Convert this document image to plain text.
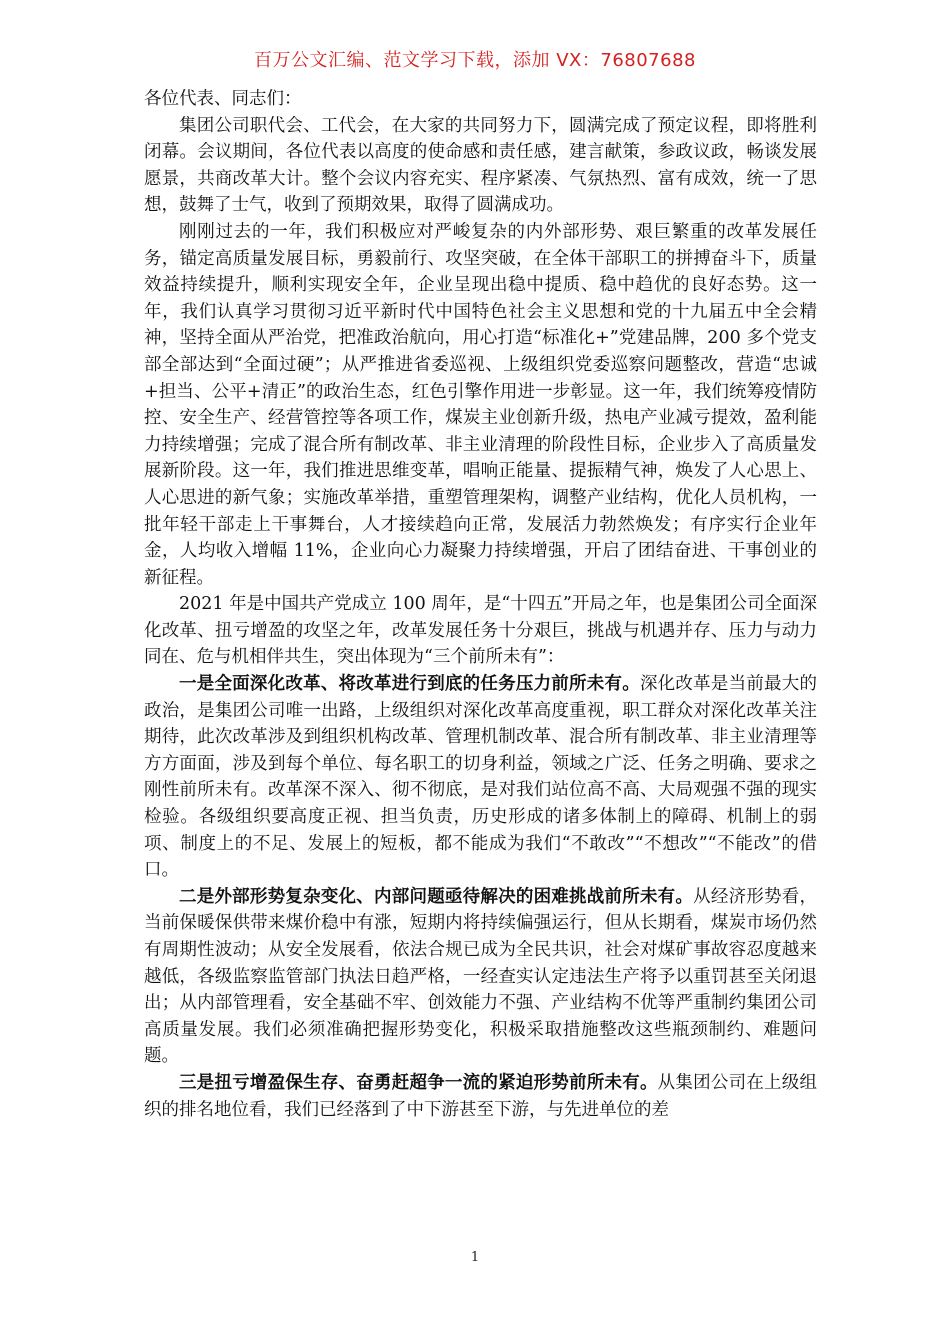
百万公文汇编、范文学习下载，添加 VX：76807688

各位代表、同志们：

集团公司职代会、工代会，在大家的共同努力下，圆满完成了预定议程，即将胜利闭幕。会议期间，各位代表以高度的使命感和责任感，建言献策，参政议政，畅谈发展愿景，共商改革大计。整个会议内容充实、程序紧凑、气氛热烈、富有成效，统一了思想，鼓舞了士气，收到了预期效果，取得了圆满成功。

刚刚过去的一年，我们积极应对严峻复杂的内外部形势、艰巨繁重的改革发展任务，锚定高质量发展目标，勇毅前行、攻坚突破，在全体干部职工的拼搏奋斗下，质量效益持续提升，顺利实现安全年，企业呈现出稳中提质、稳中趋优的良好态势。这一年，我们认真学习贯彻习近平新时代中国特色社会主义思想和党的十九届五中全会精神，坚持全面从严治党，把准政治航向，用心打造“标准化+”党建品牌，200 多个党支部全部达到“全面过硬”；从严推进省委巡视、上级组织党委巡察问题整改，营造“忠诚+担当、公平+清正”的政治生态，红色引擎作用进一步彰显。这一年，我们统筹疫情防控、安全生产、经营管控等各项工作，煤炭主业创新升级，热电产业减亏提效，盈利能力持续增强；完成了混合所有制改革、非主业清理的阶段性目标，企业步入了高质量发展新阶段。这一年，我们推进思维变革，唱响正能量、提振精气神，焕发了人心思上、人心思进的新气象；实施改革举措，重塑管理架构，调整产业结构，优化人员机构，一批年轻干部走上干事舞台，人才接续趋向正常，发展活力勃然焕发；有序实行企业年金，人均收入增幅 11%，企业向心力凝聚力持续增强，开启了团结奋进、干事创业的新征程。

2021 年是中国共产党成立 100 周年，是“十四五”开局之年，也是集团公司全面深化改革、扭亏增盈的攻坚之年，改革发展任务十分艰巨，挑战与机遇并存、压力与动力同在、危与机相伴共生，突出体现为“三个前所未有”：

一是全面深化改革、将改革进行到底的任务压力前所未有。深化改革是当前最大的政治，是集团公司唯一出路，上级组织对深化改革高度重视，职工群众对深化改革关注期待，此次改革涉及到组织机构改革、管理机制改革、混合所有制改革、非主业清理等方方面面，涉及到每个单位、每名职工的切身利益，领域之广泛、任务之明确、要求之刚性前所未有。改革深不深入、彻不彻底，是对我们站位高不高、大局观强不强的现实检验。各级组织要高度正视、担当负责，历史形成的诸多体制上的障碍、机制上的弱项、制度上的不足、发展上的短板，都不能成为我们“不敢改”“不想改”“不能改”的借口。

二是外部形势复杂变化、内部问题亟待解决的困难挑战前所未有。从经济形势看，当前保暖保供带来煤价稳中有涨，短期内将持续偏强运行，但从长期看，煤炭市场仍然有周期性波动；从安全发展看，依法合规已成为全民共识，社会对煤矿事故容忍度越来越低，各级监察监管部门执法日趋严格，一经查实认定违法生产将予以重罚甚至关闭退出；从内部管理看，安全基础不牢、创效能力不强、产业结构不优等严重制约集团公司高质量发展。我们必须准确把握形势变化，积极采取措施整改这些瓶颈制约、难题问题。

三是扭亏增盈保生存、奋勇赶超争一流的紧迫形势前所未有。从集团公司在上级组织的排名地位看，我们已经落到了中下游甚至下游，与先进单位的差

1
